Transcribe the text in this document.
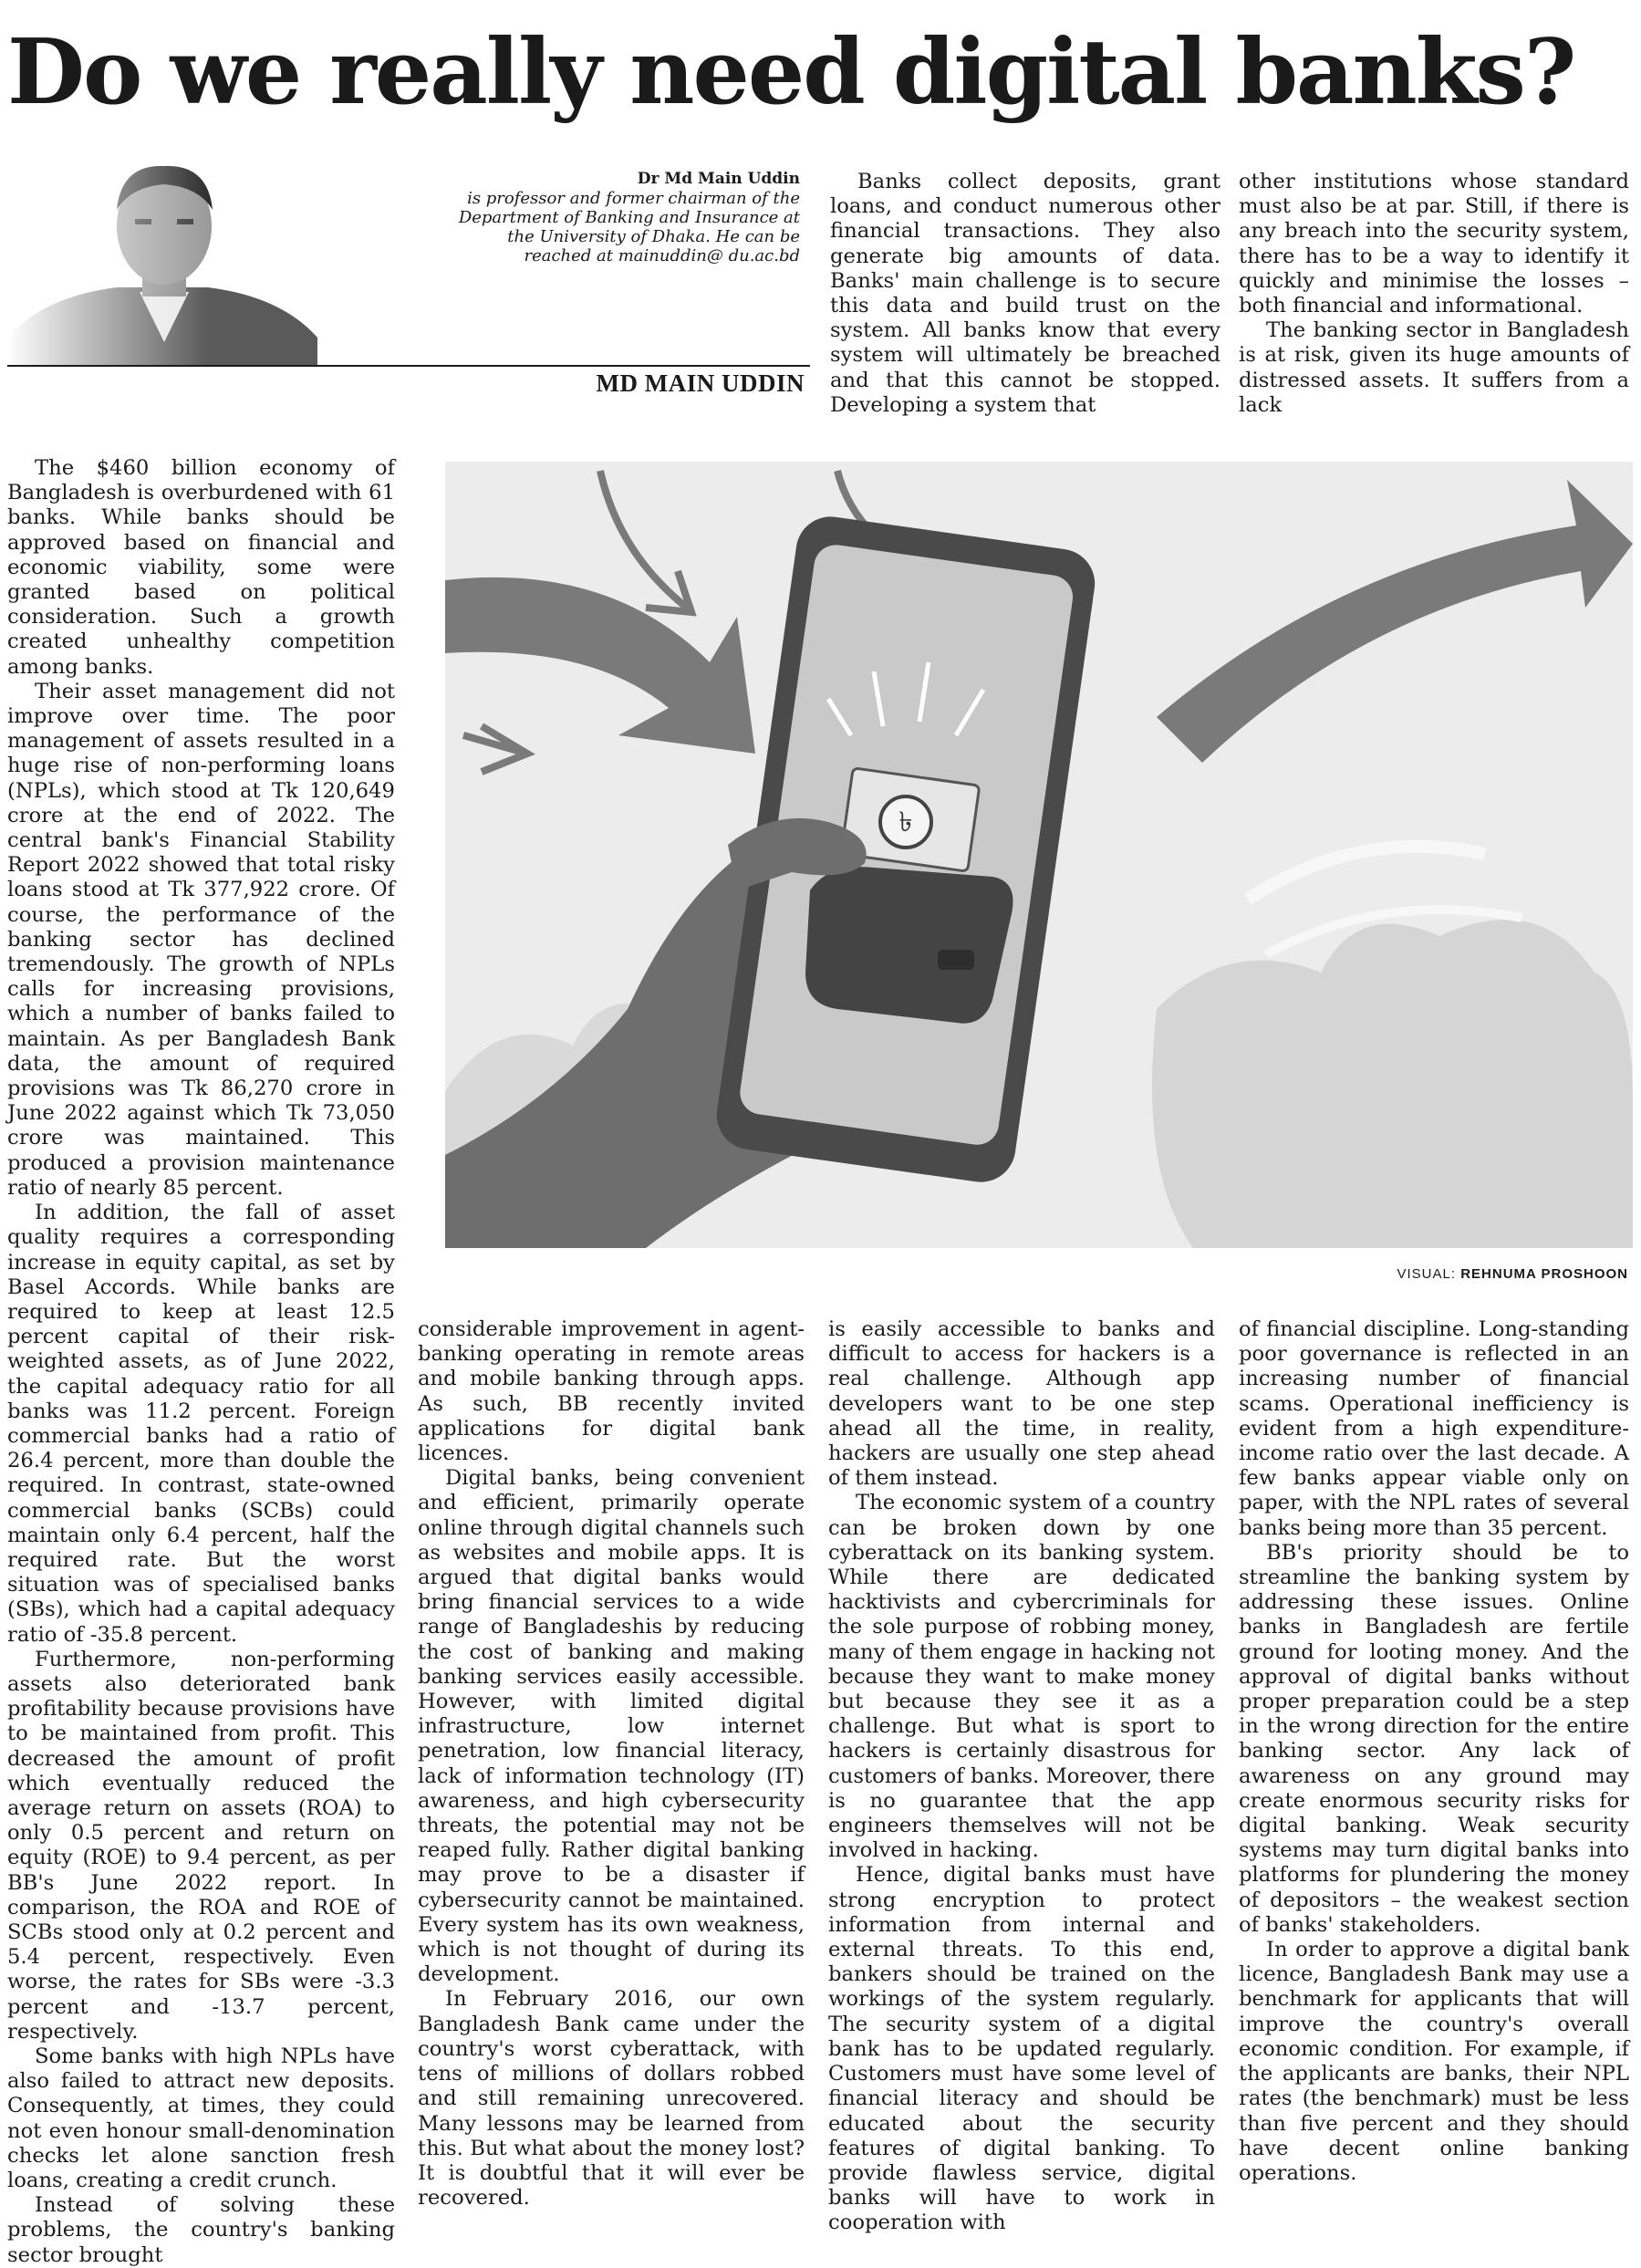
Do we really need digital banks?
Dr Md Main Uddin
is professor and former chairman of the Department of Banking and Insurance at the University of Dhaka. He can be reached at mainuddin@ du.ac.bd
MD MAIN UDDIN

Banks collect deposits, grant loans, and conduct numerous other financial transactions. They also generate big amounts of data. Banks' main challenge is to secure this data and build trust on the system. All banks know that every system will ultimately be breached and that this cannot be stopped. Developing a system that

other institutions whose standard must also be at par. Still, if there is any breach into the security system, there has to be a way to identify it quickly and minimise the losses – both financial and informational.

The banking sector in Bangladesh is at risk, given its huge amounts of distressed assets. It suffers from a lack

The $460 billion economy of Bangladesh is overburdened with 61 banks. While banks should be approved based on financial and economic viability, some were granted based on political consideration. Such a growth created unhealthy competition among banks.

Their asset management did not improve over time. The poor management of assets resulted in a huge rise of non-performing loans (NPLs), which stood at Tk 120,649 crore at the end of 2022. The central bank's Financial Stability Report 2022 showed that total risky loans stood at Tk 377,922 crore. Of course, the performance of the banking sector has declined tremendously. The growth of NPLs calls for increasing provisions, which a number of banks failed to maintain. As per Bangladesh Bank data, the amount of required provisions was Tk 86,270 crore in June 2022 against which Tk 73,050 crore was maintained. This produced a provision maintenance ratio of nearly 85 percent.

In addition, the fall of asset quality requires a corresponding increase in equity capital, as set by Basel Accords. While banks are required to keep at least 12.5 percent capital of their risk-weighted assets, as of June 2022, the capital adequacy ratio for all banks was 11.2 percent. Foreign commercial banks had a ratio of 26.4 percent, more than double the required. In contrast, state-owned commercial banks (SCBs) could maintain only 6.4 percent, half the required rate. But the worst situation was of specialised banks (SBs), which had a capital adequacy ratio of -35.8 percent.

Furthermore, non-performing assets also deteriorated bank profitability because provisions have to be maintained from profit. This decreased the amount of profit which eventually reduced the average return on assets (ROA) to only 0.5 percent and return on equity (ROE) to 9.4 percent, as per BB's June 2022 report. In comparison, the ROA and ROE of SCBs stood only at 0.2 percent and 5.4 percent, respectively. Even worse, the rates for SBs were -3.3 percent and -13.7 percent, respectively.

Some banks with high NPLs have also failed to attract new deposits. Consequently, at times, they could not even honour small-denomination checks let alone sanction fresh loans, creating a credit crunch.

Instead of solving these problems, the country's banking sector brought

৳
VISUAL: REHNUMA PROSHOON

considerable improvement in agent-banking operating in remote areas and mobile banking through apps. As such, BB recently invited applications for digital bank licences.

Digital banks, being convenient and efficient, primarily operate online through digital channels such as websites and mobile apps. It is argued that digital banks would bring financial services to a wide range of Bangladeshis by reducing the cost of banking and making banking services easily accessible. However, with limited digital infrastructure, low internet penetration, low financial literacy, lack of information technology (IT) awareness, and high cybersecurity threats, the potential may not be reaped fully. Rather digital banking may prove to be a disaster if cybersecurity cannot be maintained. Every system has its own weakness, which is not thought of during its development.

In February 2016, our own Bangladesh Bank came under the country's worst cyberattack, with tens of millions of dollars robbed and still remaining unrecovered. Many lessons may be learned from this. But what about the money lost? It is doubtful that it will ever be recovered.

is easily accessible to banks and difficult to access for hackers is a real challenge. Although app developers want to be one step ahead all the time, in reality, hackers are usually one step ahead of them instead.

The economic system of a country can be broken down by one cyberattack on its banking system. While there are dedicated hacktivists and cybercriminals for the sole purpose of robbing money, many of them engage in hacking not because they want to make money but because they see it as a challenge. But what is sport to hackers is certainly disastrous for customers of banks. Moreover, there is no guarantee that the app engineers themselves will not be involved in hacking.

Hence, digital banks must have strong encryption to protect information from internal and external threats. To this end, bankers should be trained on the workings of the system regularly. The security system of a digital bank has to be updated regularly. Customers must have some level of financial literacy and should be educated about the security features of digital banking. To provide flawless service, digital banks will have to work in cooperation with

of financial discipline. Long-standing poor governance is reflected in an increasing number of financial scams. Operational inefficiency is evident from a high expenditure-income ratio over the last decade. A few banks appear viable only on paper, with the NPL rates of several banks being more than 35 percent.

BB's priority should be to streamline the banking system by addressing these issues. Online banks in Bangladesh are fertile ground for looting money. And the approval of digital banks without proper preparation could be a step in the wrong direction for the entire banking sector. Any lack of awareness on any ground may create enormous security risks for digital banking. Weak security systems may turn digital banks into platforms for plundering the money of depositors – the weakest section of banks' stakeholders.

In order to approve a digital bank licence, Bangladesh Bank may use a benchmark for applicants that will improve the country's overall economic condition. For example, if the applicants are banks, their NPL rates (the benchmark) must be less than five percent and they should have decent online banking operations.
